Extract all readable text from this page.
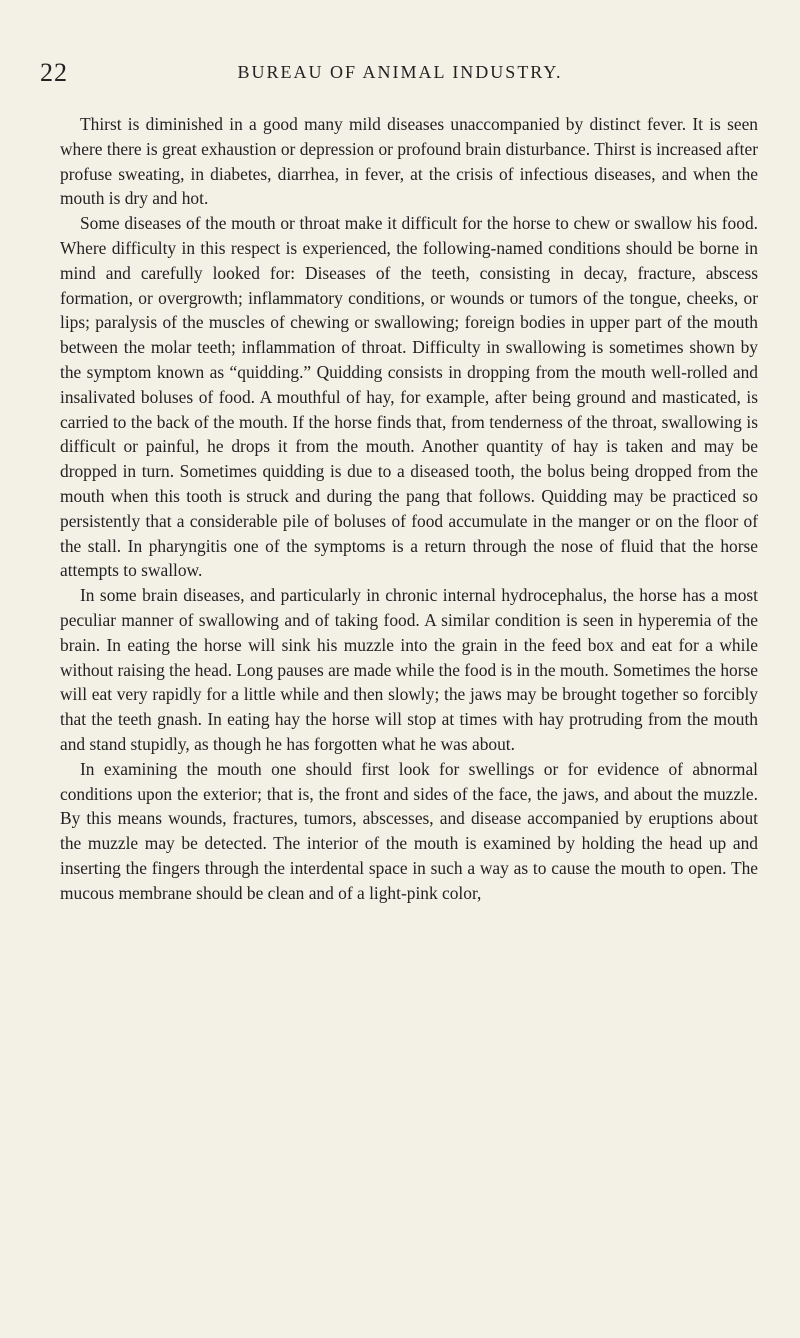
22	BUREAU OF ANIMAL INDUSTRY.

Thirst is diminished in a good many mild diseases unaccompanied by distinct fever. It is seen where there is great exhaustion or depression or profound brain disturbance. Thirst is increased after profuse sweating, in diabetes, diarrhea, in fever, at the crisis of infectious diseases, and when the mouth is dry and hot.

Some diseases of the mouth or throat make it difficult for the horse to chew or swallow his food. Where difficulty in this respect is experienced, the following-named conditions should be borne in mind and carefully looked for: Diseases of the teeth, consisting in decay, fracture, abscess formation, or overgrowth; inflammatory conditions, or wounds or tumors of the tongue, cheeks, or lips; paralysis of the muscles of chewing or swallowing; foreign bodies in upper part of the mouth between the molar teeth; inflammation of throat. Difficulty in swallowing is sometimes shown by the symptom known as “quidding.” Quidding consists in dropping from the mouth well-rolled and insalivated boluses of food. A mouthful of hay, for example, after being ground and masticated, is carried to the back of the mouth. If the horse finds that, from tenderness of the throat, swallowing is difficult or painful, he drops it from the mouth. Another quantity of hay is taken and may be dropped in turn. Sometimes quidding is due to a diseased tooth, the bolus being dropped from the mouth when this tooth is struck and during the pang that follows. Quidding may be practiced so persistently that a considerable pile of boluses of food accumulate in the manger or on the floor of the stall. In pharyngitis one of the symptoms is a return through the nose of fluid that the horse attempts to swallow.

In some brain diseases, and particularly in chronic internal hydrocephalus, the horse has a most peculiar manner of swallowing and of taking food. A similar condition is seen in hyperemia of the brain. In eating the horse will sink his muzzle into the grain in the feed box and eat for a while without raising the head. Long pauses are made while the food is in the mouth. Sometimes the horse will eat very rapidly for a little while and then slowly; the jaws may be brought together so forcibly that the teeth gnash. In eating hay the horse will stop at times with hay protruding from the mouth and stand stupidly, as though he has forgotten what he was about.

In examining the mouth one should first look for swellings or for evidence of abnormal conditions upon the exterior; that is, the front and sides of the face, the jaws, and about the muzzle. By this means wounds, fractures, tumors, abscesses, and disease accompanied by eruptions about the muzzle may be detected. The interior of the mouth is examined by holding the head up and inserting the fingers through the interdental space in such a way as to cause the mouth to open. The mucous membrane should be clean and of a light-pink color,
